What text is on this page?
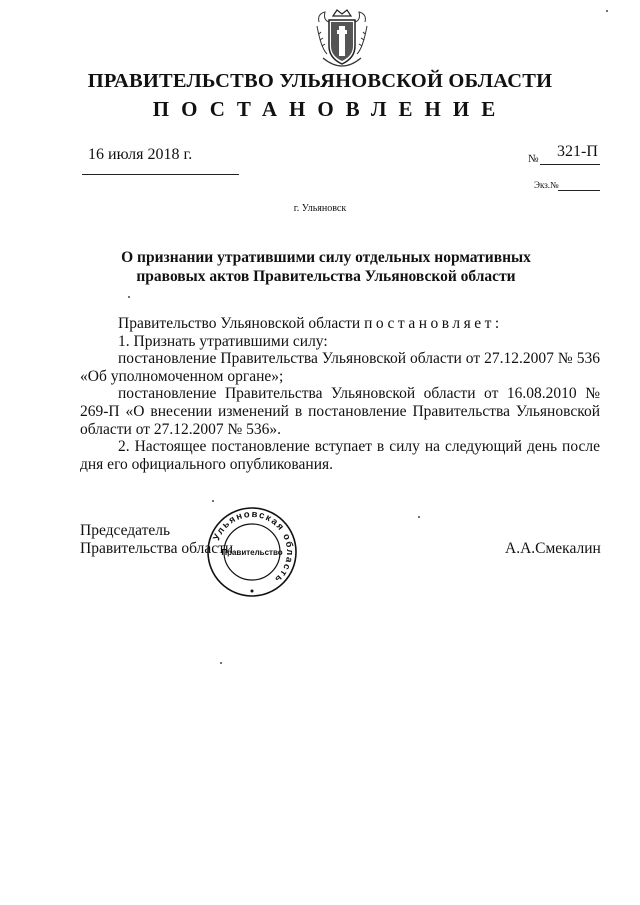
ПРАВИТЕЛЬСТВО УЛЬЯНОВСКОЙ ОБЛАСТИ
ПОСТАНОВЛЕНИЕ
16 июля 2018 г.	№ 321-П
Экз.№
г. Ульяновск
О признании утратившими силу отдельных нормативных
правовых актов Правительства Ульяновской области

Правительство Ульяновской области постановляет:

1. Признать утратившими силу:

постановление Правительства Ульяновской области от 27.12.2007 № 536 «Об уполномоченном органе»;

постановление Правительства Ульяновской области от 16.08.2010 № 269-П «О внесении изменений в постановление Правительства Ульяновской области от 27.12.2007 № 536».

2. Настоящее постановление вступает в силу на следующий день после дня его официального опубликования.

Председатель
Правительства области	А.А.Смекалин
Ульяновская область
Правительство
